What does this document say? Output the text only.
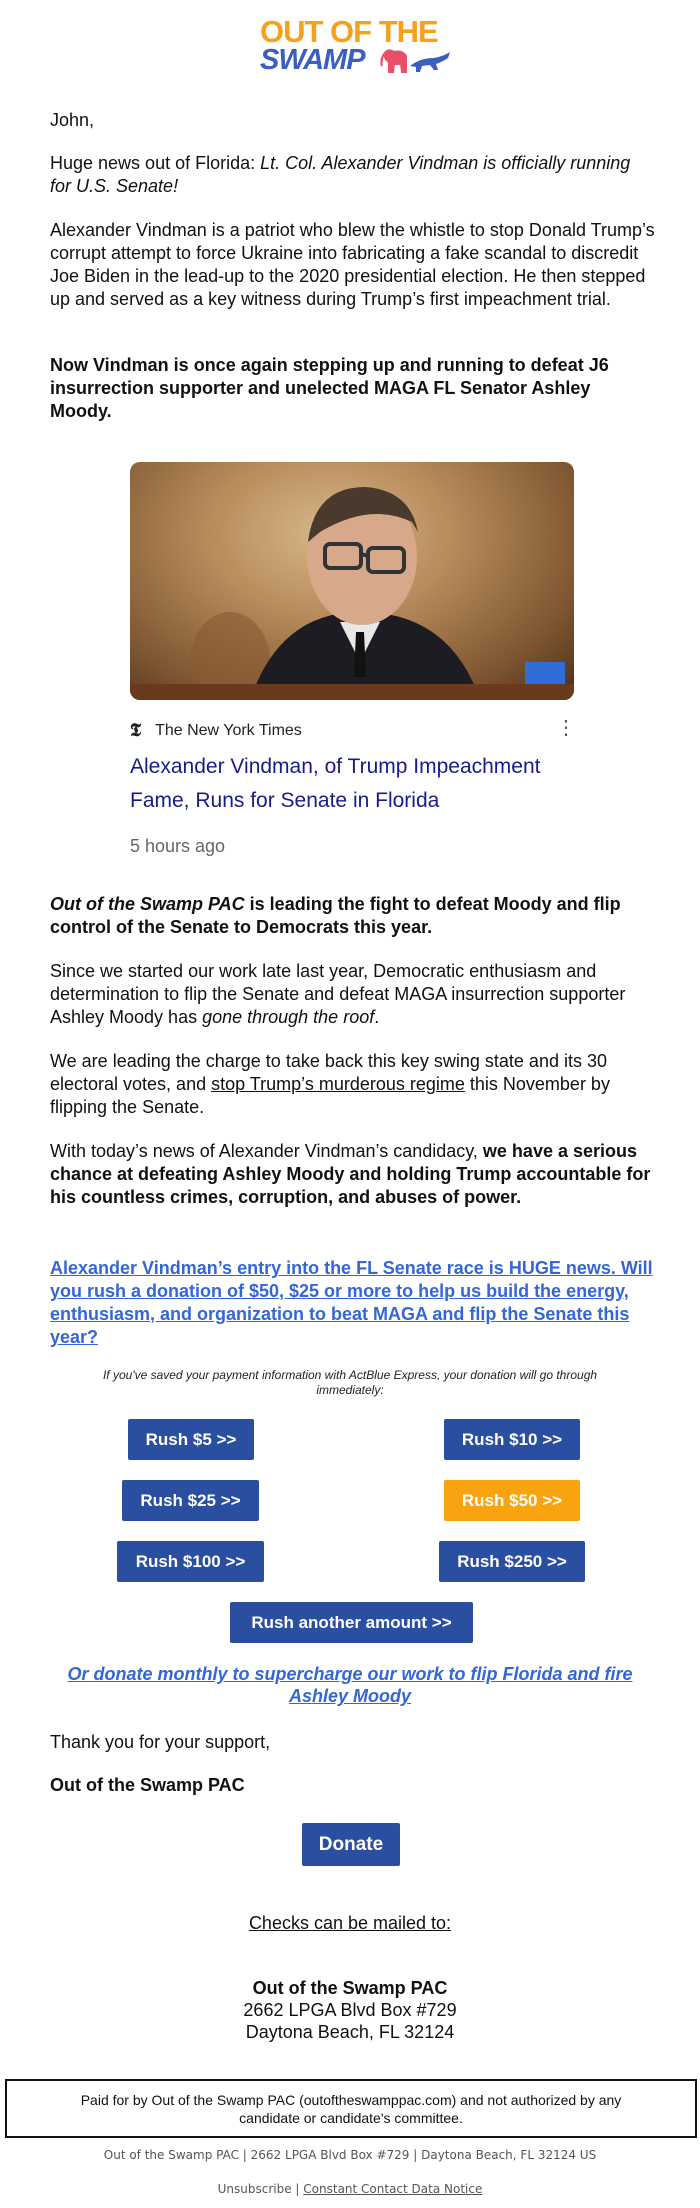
OUT OF THE
SWAMP
John,
Huge news out of Florida: Lt. Col. Alexander Vindman is officially running for U.S. Senate!
Alexander Vindman is a patriot who blew the whistle to stop Donald Trump’s corrupt attempt to force Ukraine into fabricating a fake scandal to discredit Joe Biden in the lead-up to the 2020 presidential election. He then stepped up and served as a key witness during Trump’s first impeachment trial.
Now Vindman is once again stepping up and running to defeat J6 insurrection supporter and unelected MAGA FL Senator Ashley Moody.
𝕿 The New York Times	⋮
Alexander Vindman, of Trump Impeachment Fame, Runs for Senate in Florida
5 hours ago
Out of the Swamp PAC is leading the fight to defeat Moody and flip control of the Senate to Democrats this year.
Since we started our work late last year, Democratic enthusiasm and determination to flip the Senate and defeat MAGA insurrection supporter Ashley Moody has gone through the roof.
We are leading the charge to take back this key swing state and its 30 electoral votes, and stop Trump’s murderous regime this November by flipping the Senate.
With today’s news of Alexander Vindman’s candidacy, we have a serious chance at defeating Ashley Moody and holding Trump accountable for his countless crimes, corruption, and abuses of power.
Alexander Vindman’s entry into the FL Senate race is HUGE news. Will you rush a donation of $50, $25 or more to help us build the energy, enthusiasm, and organization to beat MAGA and flip the Senate this year?
If you've saved your payment information with ActBlue Express, your donation will go through immediately:
Rush $5 >>	Rush $10 >>
Rush $25 >>	Rush $50 >>
Rush $100 >>	Rush $250 >>
Rush another amount >>
Or donate monthly to supercharge our work to flip Florida and fire Ashley Moody
Thank you for your support,
Out of the Swamp PAC
Donate
Checks can be mailed to:
Out of the Swamp PAC
2662 LPGA Blvd Box #729
Daytona Beach, FL 32124
Paid for by Out of the Swamp PAC (outoftheswamppac.com) and not authorized by any candidate or candidate's committee.
Out of the Swamp PAC | 2662 LPGA Blvd Box #729 | Daytona Beach, FL 32124 US
Unsubscribe | Constant Contact Data Notice
